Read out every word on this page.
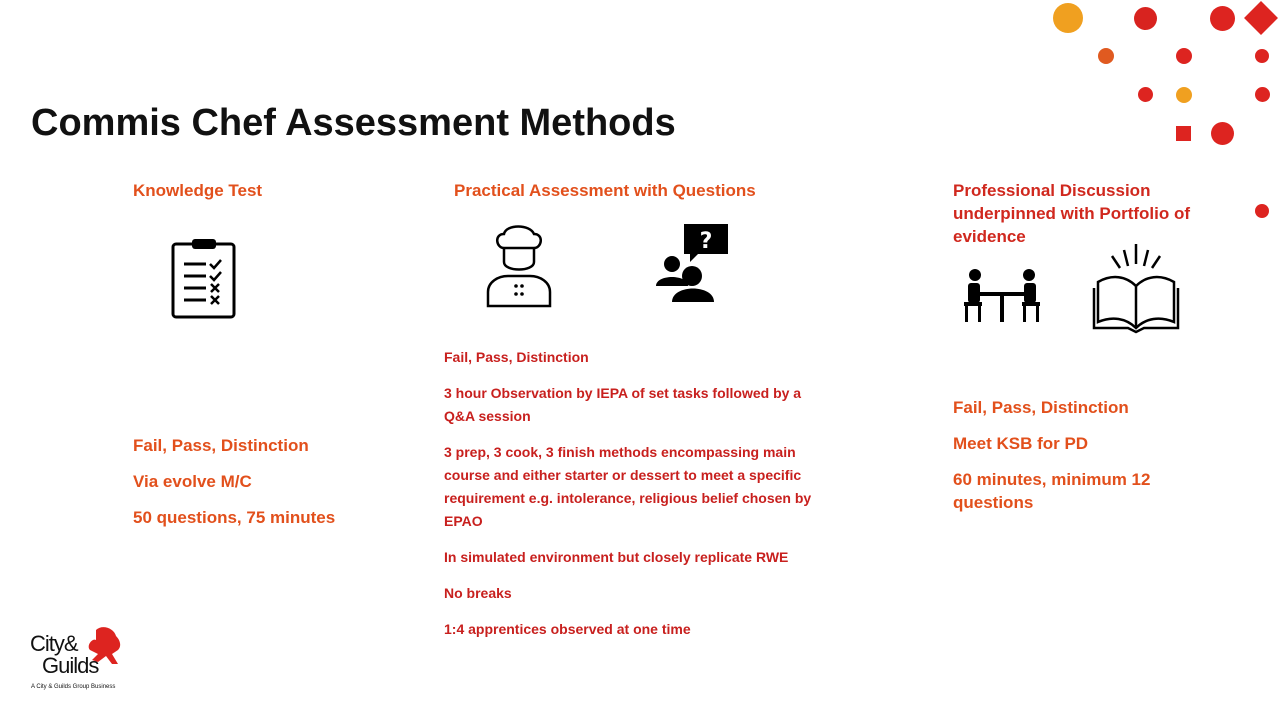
Commis Chef Assessment Methods
Knowledge Test

Fail, Pass, Distinction

Via evolve M/C

50 questions, 75 minutes

Practical Assessment with Questions
?

Fail, Pass, Distinction

3 hour Observation by IEPA of set tasks followed by a Q&A session

3 prep, 3 cook, 3 finish methods encompassing main course and either starter or dessert to meet a specific requirement e.g. intolerance, religious belief chosen by EPAO

In simulated environment but closely replicate RWE

No breaks

1:4 apprentices observed at one time

Professional Discussion underpinned with Portfolio of evidence

Fail, Pass, Distinction

Meet KSB for PD

60 minutes, minimum 12 questions

City&
Guilds
A City & Guilds Group Business
